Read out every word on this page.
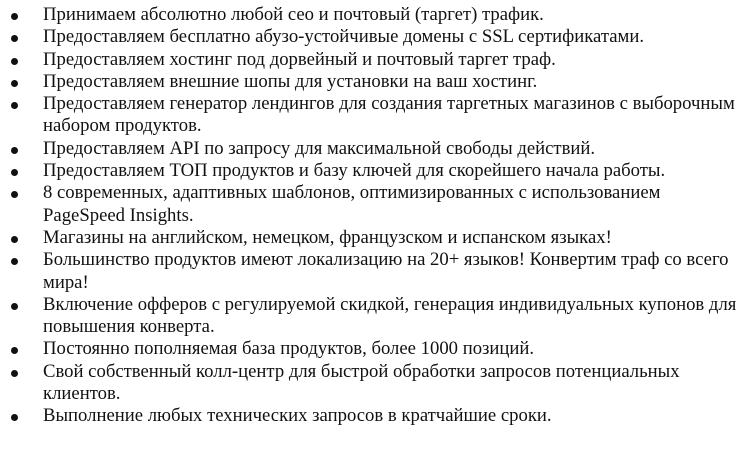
Принимаем абсолютно любой сео и почтовый (таргет) трафик.
Предоставляем бесплатно абузо-устойчивые домены с SSL сертификатами.
Предоставляем хостинг под дорвейный и почтовый таргет траф.
Предоставляем внешние шопы для установки на ваш хостинг.
Предоставляем генератор лендингов для создания таргетных магазинов с выборочным набором продуктов.
Предоставляем API по запросу для максимальной свободы действий.
Предоставляем ТОП продуктов и базу ключей для скорейшего начала работы.
8 современных, адаптивных шаблонов, оптимизированных с использованием PageSpeed Insights.
Магазины на английском, немецком, французском и испанском языках!
Большинство продуктов имеют локализацию на 20+ языков! Конвертим траф со всего мира!
Включение офферов с регулируемой скидкой, генерация индивидуальных купонов для повышения конверта.
Постоянно пополняемая база продуктов, более 1000 позиций.
Свой собственный колл-центр для быстрой обработки запросов потенциальных клиентов.
Выполнение любых технических запросов в кратчайшие сроки.
